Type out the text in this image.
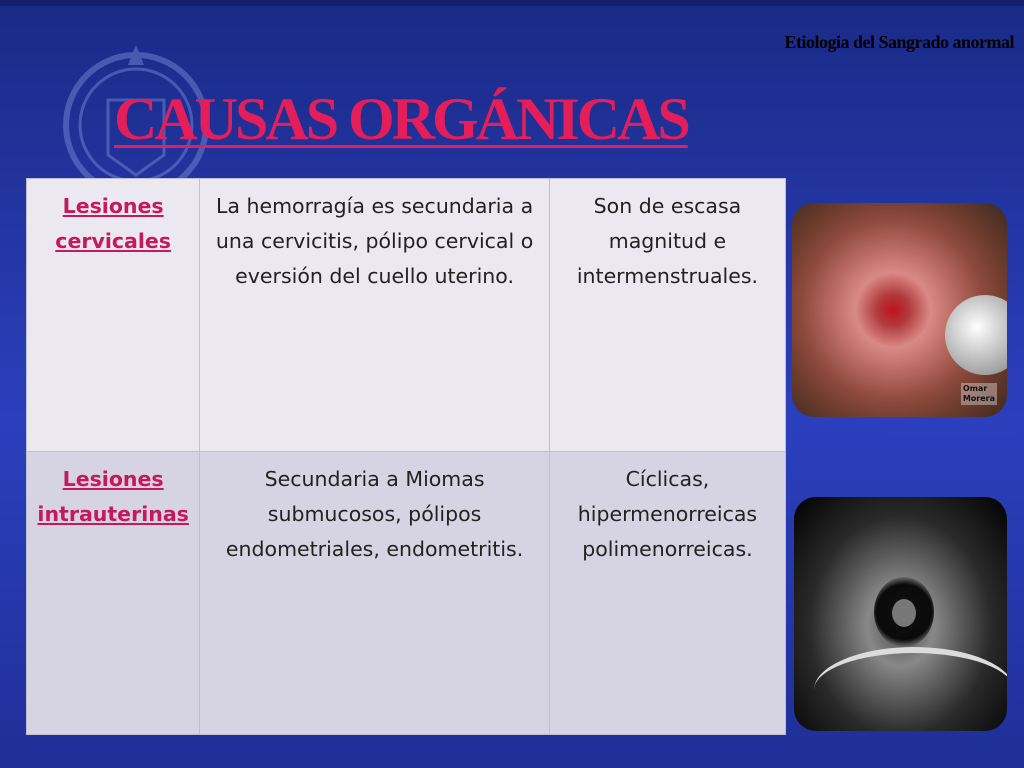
Etiologia del Sangrado anormal
CAUSAS ORGÁNICAS
Lesiones cervicales	La hemorragía es secundaria a una cervicitis, pólipo cervical o eversión del cuello uterino.	Son de escasa magnitud e intermenstruales.
Lesiones intrauterinas	Secundaria a Miomas submucosos, pólipos endometriales, endometritis.	Cíclicas, hipermenorreicas polimenorreicas.
Omar
Morera
